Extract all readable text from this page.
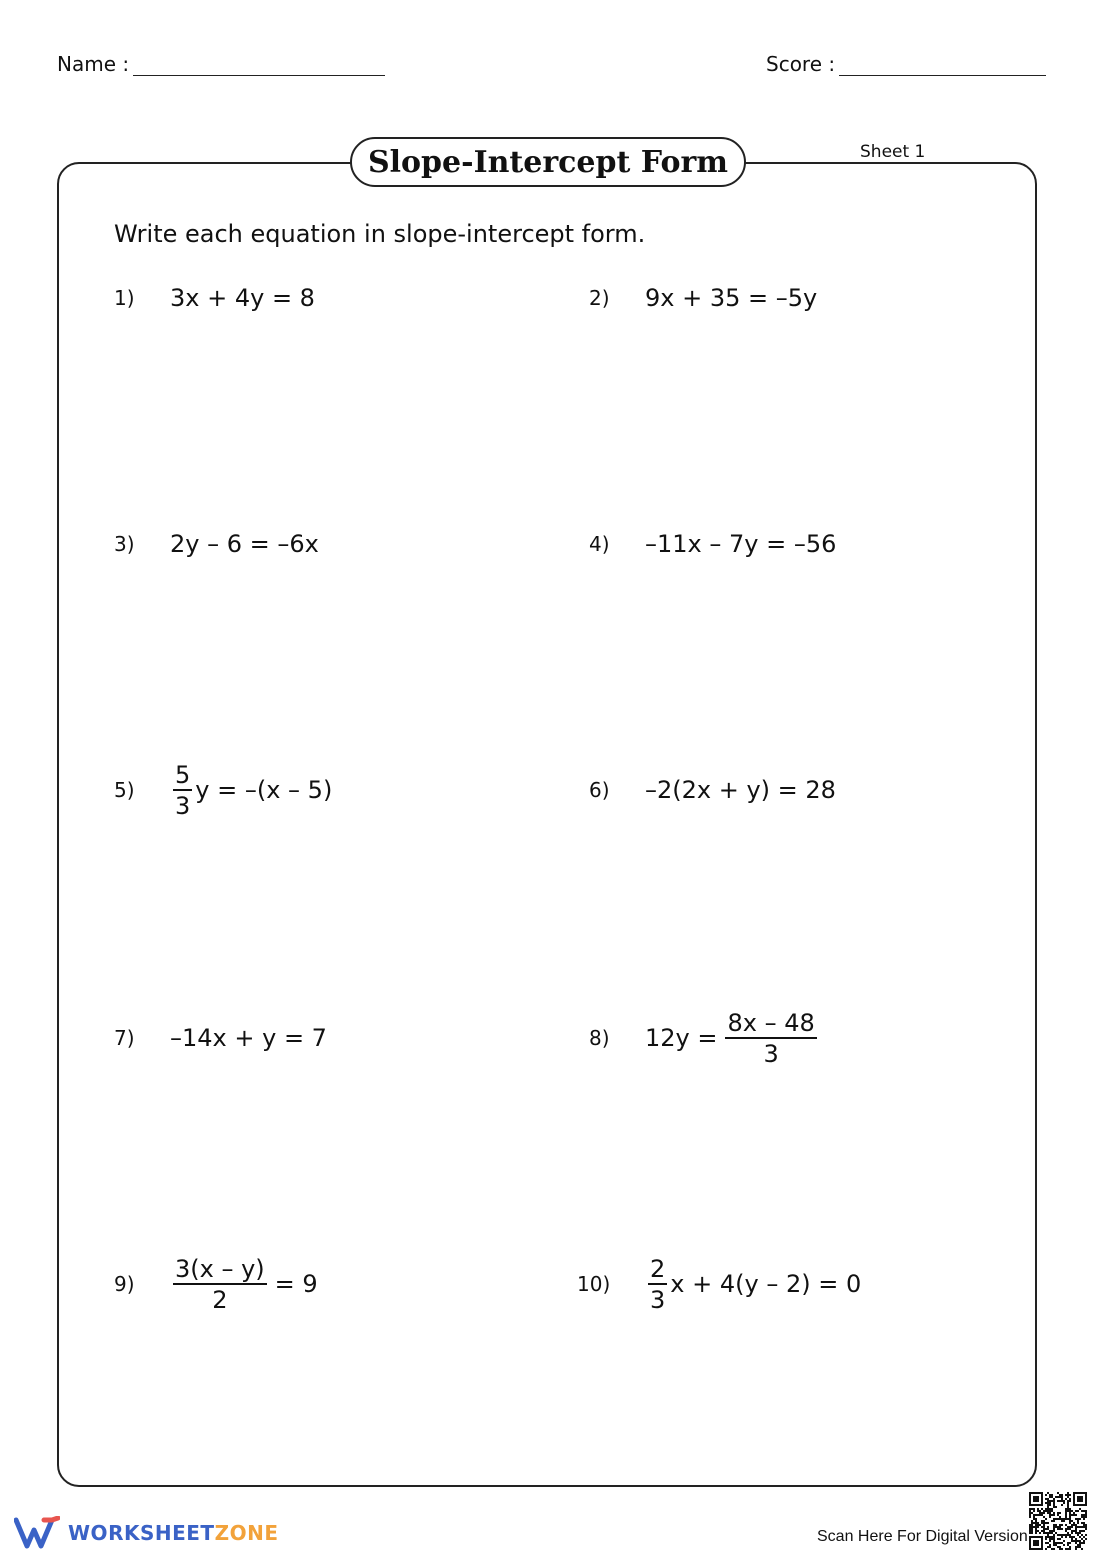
Name :	Score :
Slope-Intercept Form	Sheet 1
Write each equation in slope-intercept form.
1)	3x + 4y = 8	2)	9x + 35 = –5y
3)	2y – 6 = –6x	4)	–11x – 7y = –56
5)	$\frac{5}{3}$ y = –(x – 5)	6)	–2(2x + y) = 28
7)	–14x + y = 7	8)	$12y = \frac{8x - 48}{3}$
9)	$\frac{3(x - y)}{2} = 9$	10)	$\frac{2}{3}$ x + 4(y – 2) = 0
WORKSHEETZONE	Scan Here For Digital Version
